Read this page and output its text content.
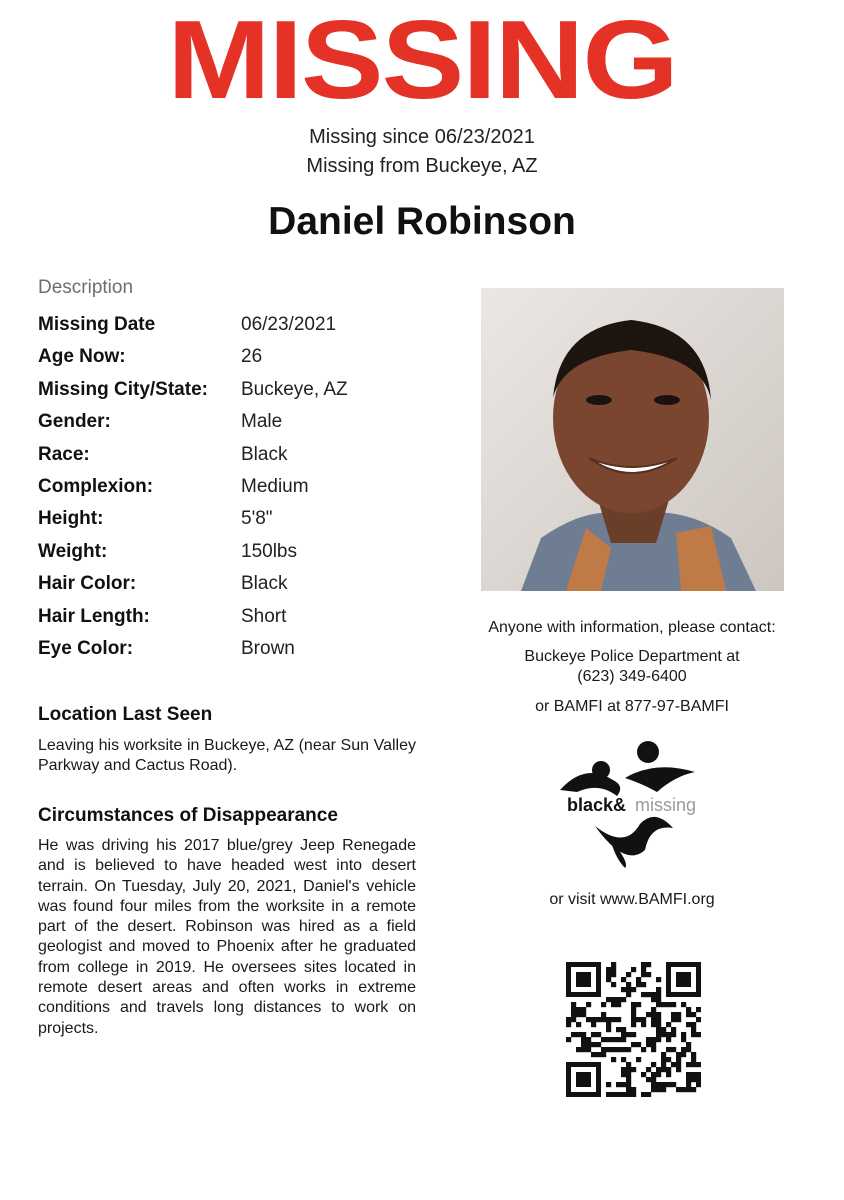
MISSING
Missing since 06/23/2021
Missing from Buckeye, AZ
Daniel Robinson
Description
Missing Date	06/23/2021
Age Now:	26
Missing City/State: Buckeye, AZ
Gender:	Male
Race:	Black
Complexion:	Medium
Height:	5'8"
Weight:	150lbs
Hair Color:	Black
Hair Length:	Short
Eye Color:	Brown
Location Last Seen
Leaving his worksite in Buckeye, AZ (near Sun Valley Parkway and Cactus Road).
Circumstances of Disappearance
He was driving his 2017 blue/grey Jeep Renegade and is believed to have headed west into desert terrain. On Tuesday, July 20, 2021, Daniel's vehicle was found four miles from the worksite in a remote part of the desert. Robinson was hired as a field geologist and moved to Phoenix after he graduated from college in 2019. He oversees sites located in remote desert areas and often works in extreme conditions and travels long distances to work on projects.
Anyone with information, please contact:
Buckeye Police Department at
(623) 349-6400
or BAMFI at 877-97-BAMFI
black& missing
or visit www.BAMFI.org
